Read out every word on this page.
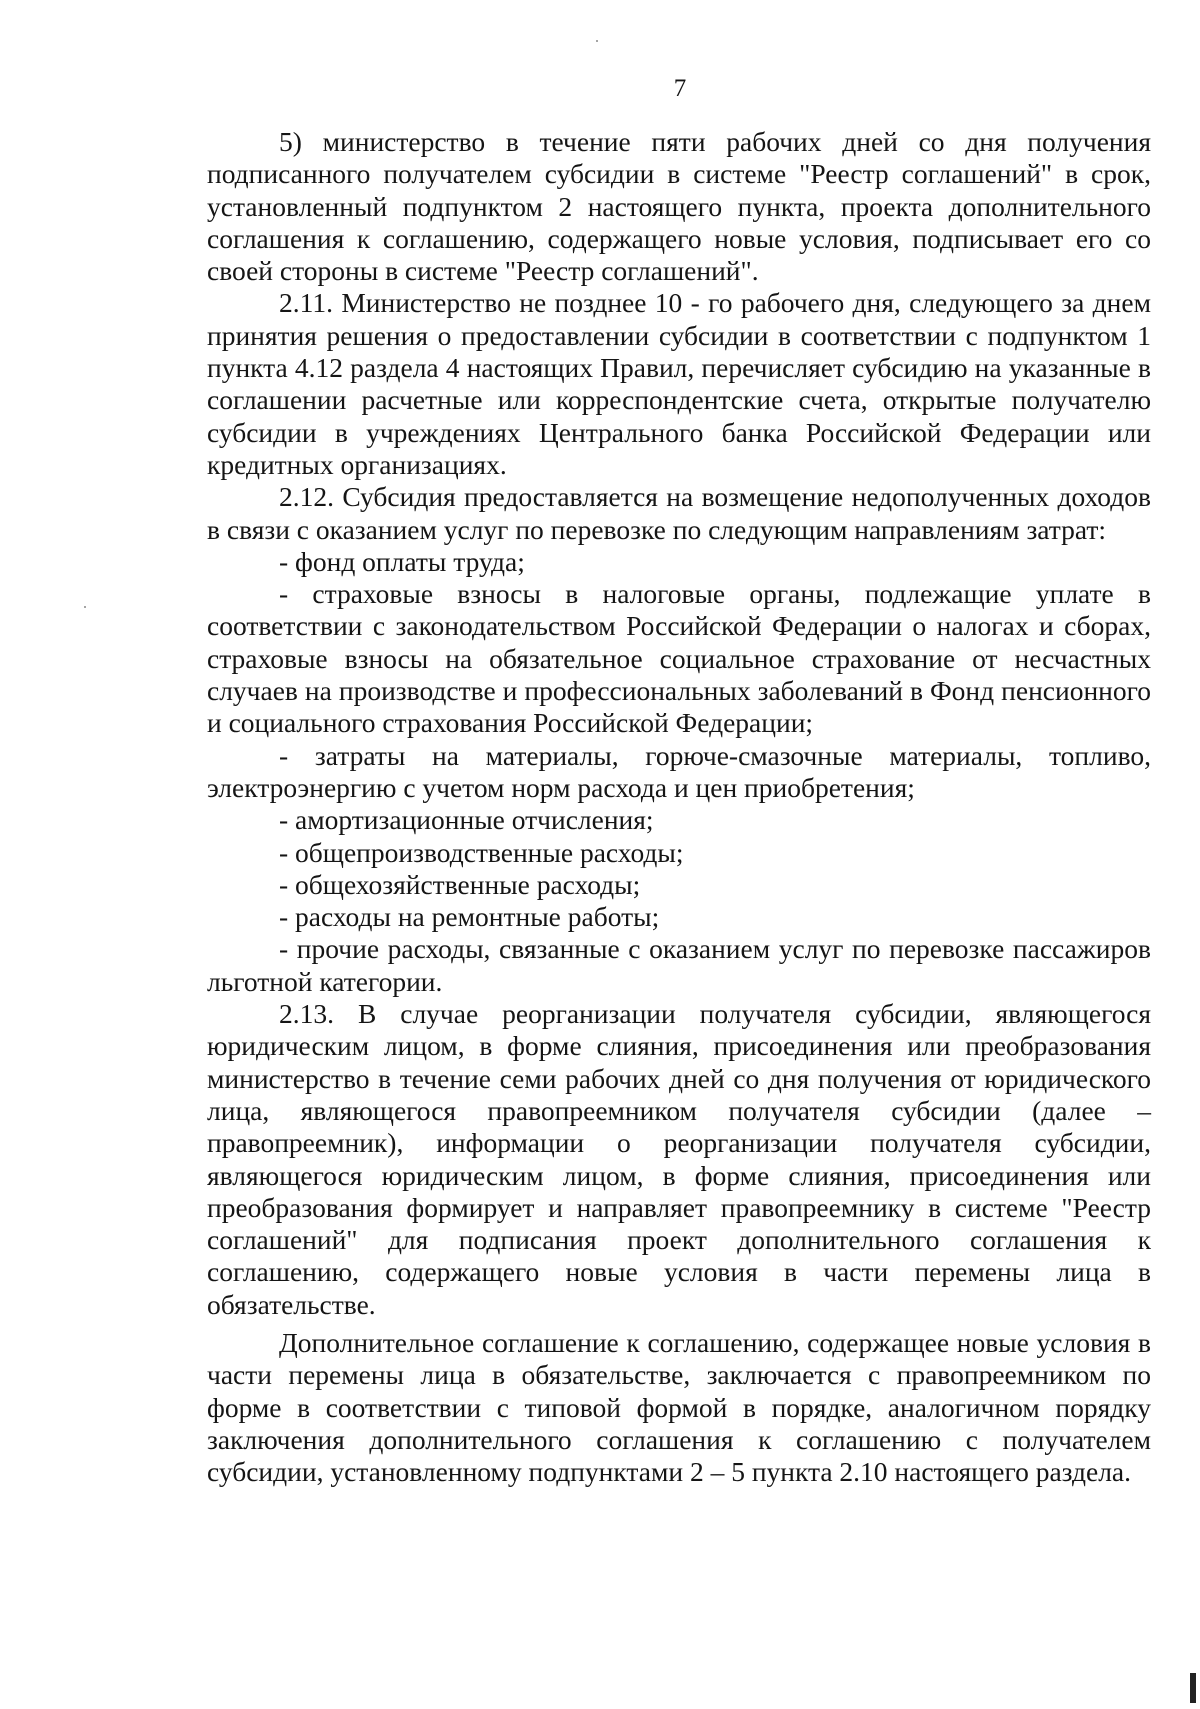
7

5) министерство в течение пяти рабочих дней со дня получения подписанного получателем субсидии в системе "Реестр соглашений" в срок, установленный подпунктом 2 настоящего пункта, проекта дополнительного соглашения к соглашению, содержащего новые условия, подписывает его со своей стороны в системе "Реестр соглашений".

2.11. Министерство не позднее 10 - го рабочего дня, следующего за днем принятия решения о предоставлении субсидии в соответствии с подпунктом 1 пункта 4.12 раздела 4 настоящих Правил, перечисляет субсидию на указанные в соглашении расчетные или корреспондентские счета, открытые получателю субсидии в учреждениях Центрального банка Российской Федерации или кредитных организациях.

2.12. Субсидия предоставляется на возмещение недополученных доходов в связи с оказанием услуг по перевозке по следующим направлениям затрат:

- фонд оплаты труда;

- страховые взносы в налоговые органы, подлежащие уплате в соответствии с законодательством Российской Федерации о налогах и сборах, страховые взносы на обязательное социальное страхование от несчастных случаев на производстве и профессиональных заболеваний в Фонд пенсионного и социального страхования Российской Федерации;

- затраты на материалы, горюче-смазочные материалы, топливо, электроэнергию с учетом норм расхода и цен приобретения;

- амортизационные отчисления;

- общепроизводственные расходы;

- общехозяйственные расходы;

- расходы на ремонтные работы;

- прочие расходы, связанные с оказанием услуг по перевозке пассажиров льготной категории.

2.13. В случае реорганизации получателя субсидии, являющегося юридическим лицом, в форме слияния, присоединения или преобразования министерство в течение семи рабочих дней со дня получения от юридического лица, являющегося правопреемником получателя субсидии (далее – правопреемник), информации о реорганизации получателя субсидии, являющегося юридическим лицом, в форме слияния, присоединения или преобразования формирует и направляет правопреемнику в системе "Реестр соглашений" для подписания проект дополнительного соглашения к соглашению, содержащего новые условия в части перемены лица в обязательстве.

Дополнительное соглашение к соглашению, содержащее новые условия в части перемены лица в обязательстве, заключается с правопреемником по форме в соответствии с типовой формой в порядке, аналогичном порядку заключения дополнительного соглашения к соглашению с получателем субсидии, установленному подпунктами 2 – 5 пункта 2.10 настоящего раздела.
